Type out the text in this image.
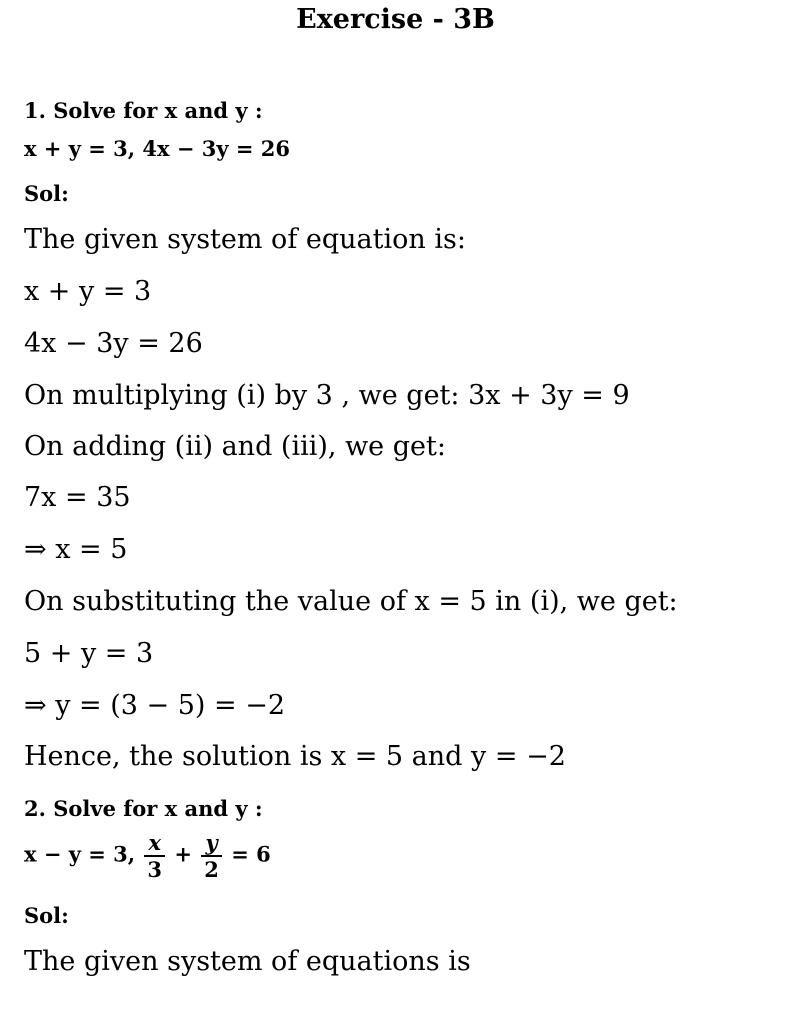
Exercise - 3B
1. Solve for x and y :
x + y = 3, 4x − 3y = 26
Sol:
The given system of equation is:
x + y = 3
4x − 3y = 26
On multiplying (i) by 3 , we get: 3x + 3y = 9
On adding (ii) and (iii), we get:
7x = 35
⇒ x = 5
On substituting the value of x = 5 in (i), we get:
5 + y = 3
⇒ y = (3 − 5) = −2
Hence, the solution is x = 5 and y = −2
2. Solve for x and y :
x − y = 3, $\frac{x}{3} + \frac{y}{2} = 6$
Sol:
The given system of equations is
